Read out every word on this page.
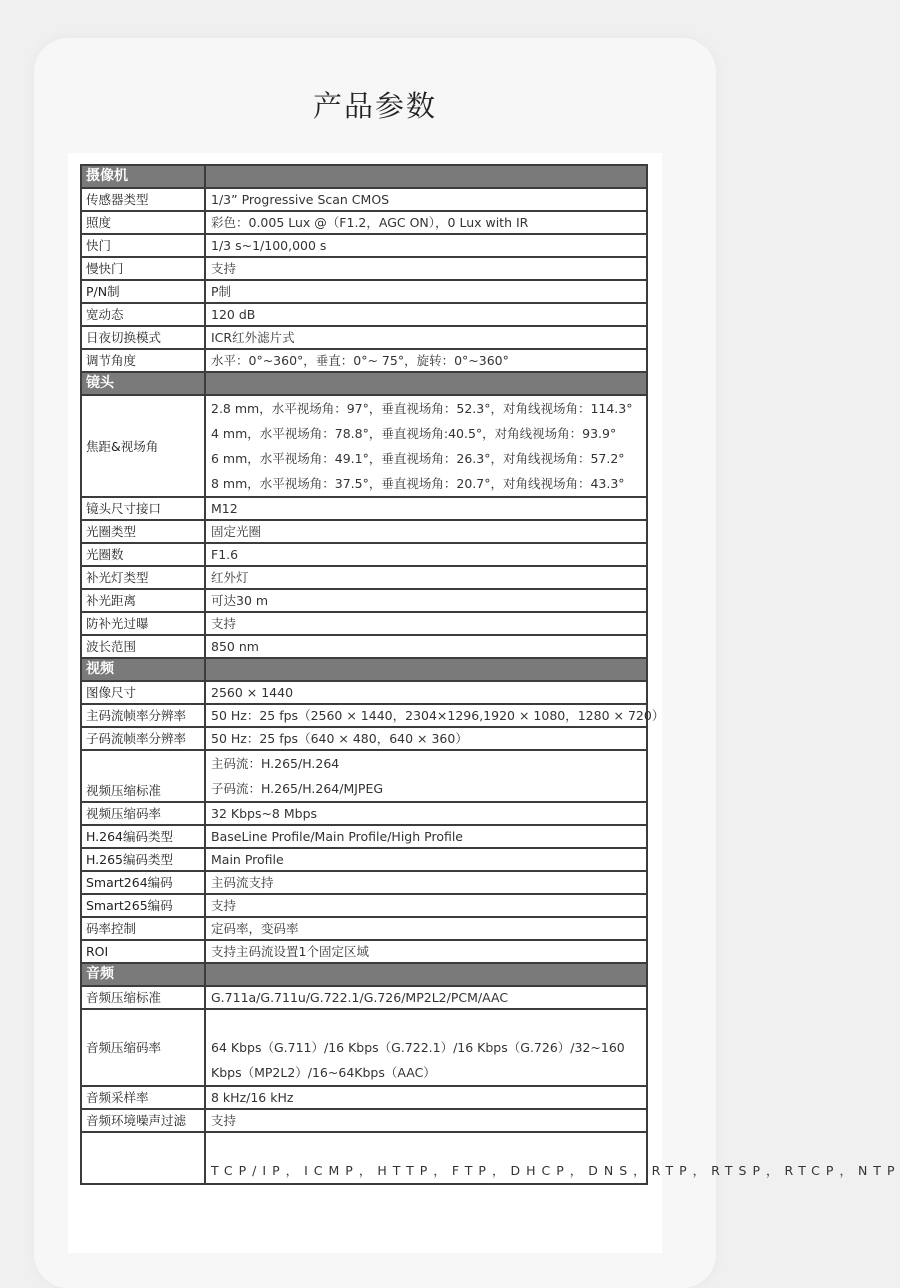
产品参数
摄像机	
传感器类型	1/3” Progressive Scan CMOS
照度	彩色：0.005 Lux @（F1.2，AGC ON），0 Lux with IR
快门	1/3 s~1/100,000 s
慢快门	支持
P/N制	P制
宽动态	120 dB
日夜切换模式	ICR红外滤片式
调节角度	水平：0°~360°，垂直：0°~ 75°，旋转：0°~360°
镜头	
焦距&视场角	2.8 mm，水平视场角：97°，垂直视场角：52.3°，对角线视场角：114.3°
4 mm，水平视场角：78.8°，垂直视场角:40.5°，对角线视场角：93.9°
6 mm，水平视场角：49.1°，垂直视场角：26.3°，对角线视场角：57.2°
8 mm，水平视场角：37.5°，垂直视场角：20.7°，对角线视场角：43.3°

镜头尺寸接口	M12
光圈类型	固定光圈
光圈数	F1.6
补光灯类型	红外灯
补光距离	可达30 m
防补光过曝	支持
波长范围	850 nm
视频	
图像尺寸	2560 × 1440
主码流帧率分辨率	50 Hz：25 fps（2560 × 1440，2304×1296,1920 × 1080，1280 × 720）
子码流帧率分辨率	50 Hz：25 fps（640 × 480，640 × 360）
视频压缩标准	主码流：H.265/H.264
子码流：H.265/H.264/MJPEG

视频压缩码率	32 Kbps~8 Mbps
H.264编码类型	BaseLine Profile/Main Profile/High Profile
H.265编码类型	Main Profile
Smart264编码	主码流支持
Smart265编码	支持
码率控制	定码率，变码率
ROI	支持主码流设置1个固定区域
音频	
音频压缩标准	G.711a/G.711u/G.722.1/G.726/MP2L2/PCM/AAC
音频压缩码率	64 Kbps（G.711）/16 Kbps（G.722.1）/16 Kbps（G.726）/32~160
Kbps（MP2L2）/16~64Kbps（AAC）

音频采样率	8 kHz/16 kHz
音频环境噪声过滤	支持

	TCP/IP，ICMP，HTTP，FTP，DHCP，DNS，RTP，RTSP，RTCP，NTP
